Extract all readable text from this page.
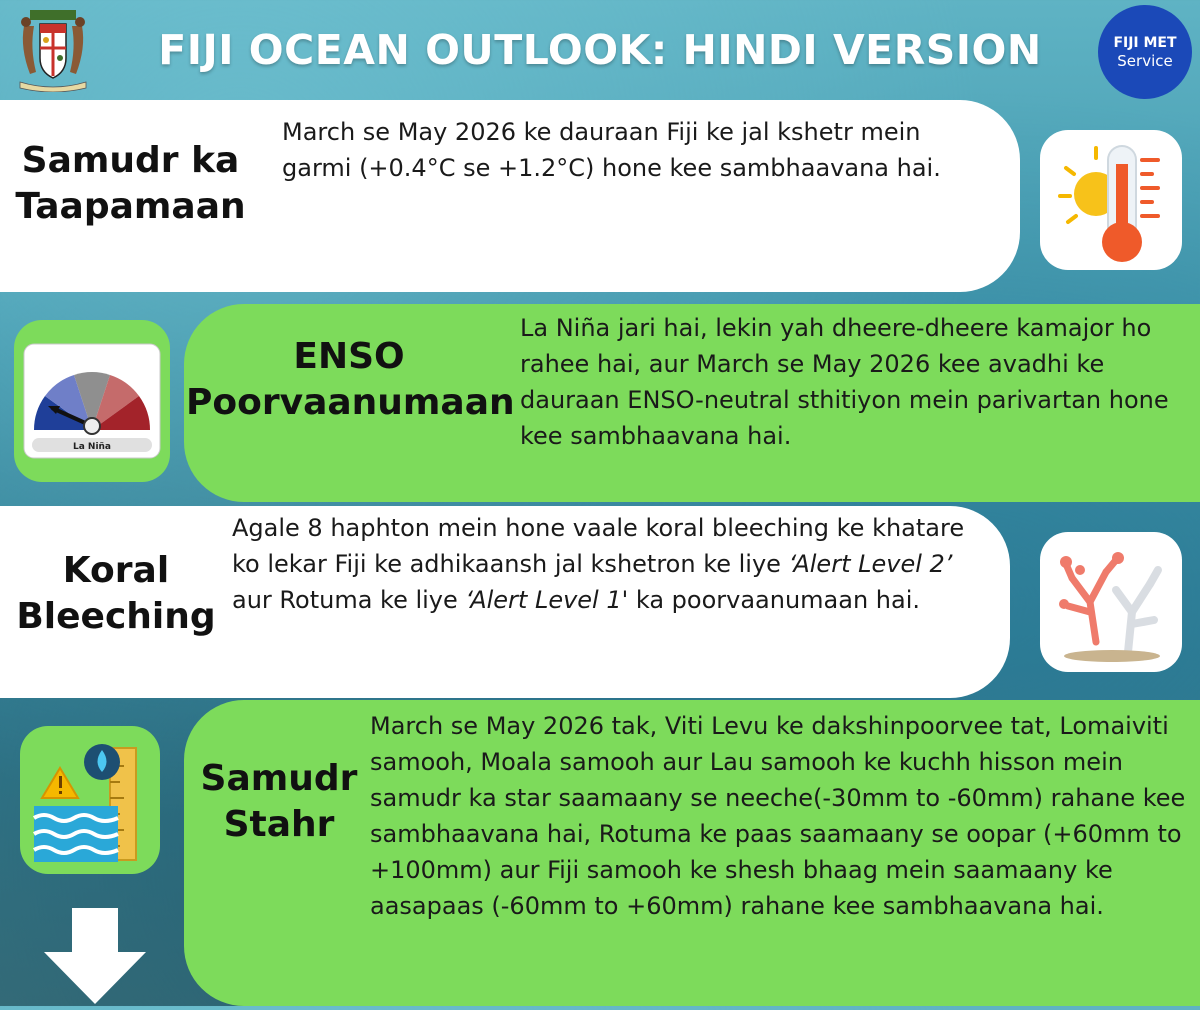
FIJI OCEAN OUTLOOK: HINDI VERSION	FIJI MET
Service
Samudr ka Taapamaan
March se May 2026 ke dauraan Fiji ke jal kshetr mein garmi (+0.4°C se +1.2°C) hone kee sambhaavana hai.
La Niña
ENSO Poorvaanumaan
La Niña jari hai, lekin yah dheere-dheere kamajor ho rahee hai, aur March se May 2026 kee avadhi ke dauraan ENSO-neutral sthitiyon mein parivartan hone kee sambhaavana hai.
Koral Bleeching
Agale 8 haphton mein hone vaale koral bleeching ke khatare ko lekar Fiji ke adhikaansh jal kshetron ke liye ‘Alert Level 2’ aur Rotuma ke liye ‘Alert Level 1' ka poorvaanumaan hai.
Samudr Stahr
March se May 2026 tak, Viti Levu ke dakshinpoorvee tat, Lomaiviti samooh, Moala samooh aur Lau samooh ke kuchh hisson mein samudr ka star saamaany se neeche(-30mm to -60mm) rahane kee sambhaavana hai, Rotuma ke paas saamaany se oopar (+60mm to +100mm) aur Fiji samooh ke shesh bhaag mein saamaany ke aasapaas (-60mm to +60mm) rahane kee sambhaavana hai.
